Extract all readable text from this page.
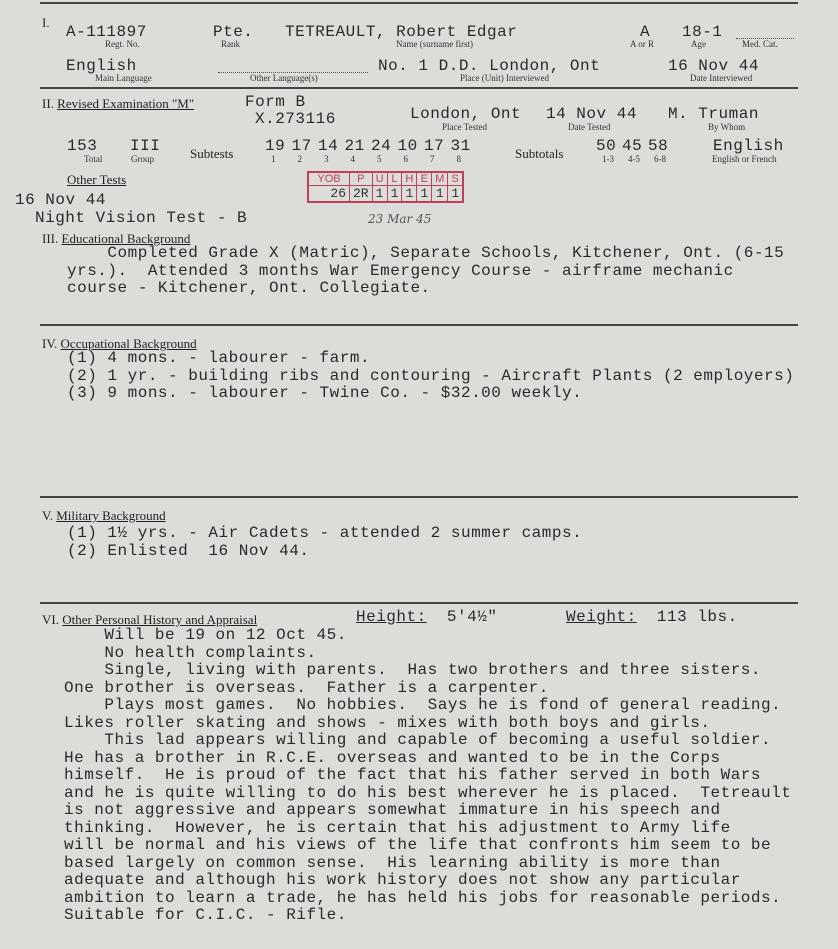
I.
A-111897
Regt. No.
Pte.
Rank
TETREAULT, Robert Edgar
Name (surname first)
A
A or R
18-1
Age	Med. Cat.
English
Main Language	Other Language(s)
No. 1 D.D. London, Ont
Place (Unit) Interviewed
16 Nov 44
Date Interviewed
II. Revised Examination "M"	Form B
X.273116	London, Ont
Place Tested
14 Nov 44
Date Tested
M. Truman
By Whom
153
Total
III
Group	Subtests 19
1
17
2
14
3
21
4
24
5
10
6
17
7
31
8	Subtotals 50
1-3
45
4-5
58
6-8
English
English or French
Other Tests
16 Nov 44
Night Vision Test - B
YOB	P	U	L	H	E	M	S
26	2R	1	1	1	1	1	1
23 Mar 45
III. Educational Background
Completed Grade X (Matric), Separate Schools, Kitchener, Ont. (6-15
yrs.).  Attended 3 months War Emergency Course - airframe mechanic
course - Kitchener, Ont. Collegiate.
IV. Occupational Background
(1) 4 mons. - labourer - farm.
(2) 1 yr. - building ribs and contouring - Aircraft Plants (2 employers)
(3) 9 mons. - labourer - Twine Co. - $32.00 weekly.
V. Military Background
(1) 1½ yrs. - Air Cadets - attended 2 summer camps.
(2) Enlisted  16 Nov 44.
VI. Other Personal History and Appraisal	Height: 5'4½"	Weight: 113 lbs.
Will be 19 on 12 Oct 45.
No health complaints.
Single, living with parents.  Has two brothers and three sisters.
One brother is overseas.  Father is a carpenter.
Plays most games.  No hobbies.  Says he is fond of general reading.
Likes roller skating and shows - mixes with both boys and girls.
This lad appears willing and capable of becoming a useful soldier.
He has a brother in R.C.E. overseas and wanted to be in the Corps
himself.  He is proud of the fact that his father served in both Wars
and he is quite willing to do his best wherever he is placed.  Tetreault
is not aggressive and appears somewhat immature in his speech and
thinking.  However, he is certain that his adjustment to Army life
will be normal and his views of the life that confronts him seem to be
based largely on common sense.  His learning ability is more than
adequate and although his work history does not show any particular
ambition to learn a trade, he has held his jobs for reasonable periods.
Suitable for C.I.C. - Rifle.
